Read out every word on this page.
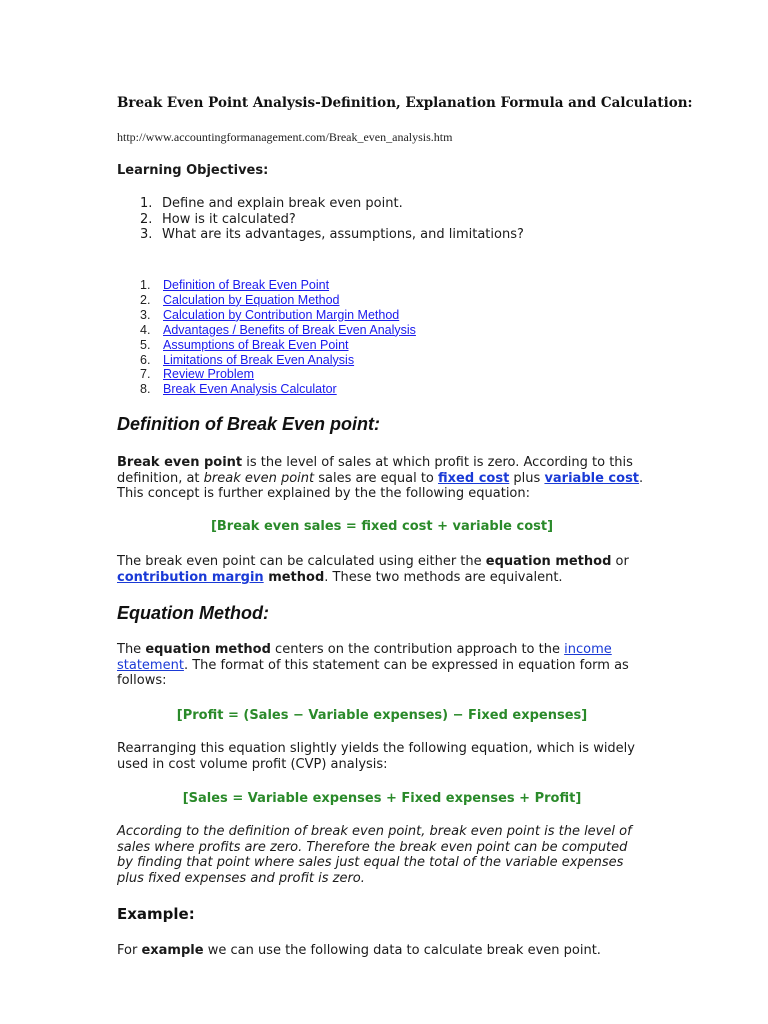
Break Even Point Analysis-Definition, Explanation Formula and Calculation:
http://www.accountingformanagement.com/Break_even_analysis.htm
Learning Objectives:
1. Define and explain break even point.
2. How is it calculated?
3. What are its advantages, assumptions, and limitations?
1. Definition of Break Even Point
2. Calculation by Equation Method
3. Calculation by Contribution Margin Method
4. Advantages / Benefits of Break Even Analysis
5. Assumptions of Break Even Point
6. Limitations of Break Even Analysis
7. Review Problem
8. Break Even Analysis Calculator
Definition of Break Even point:
Break even point is the level of sales at which profit is zero. According to this definition, at break even point sales are equal to fixed cost plus variable cost. This concept is further explained by the the following equation:
[Break even sales = fixed cost + variable cost]
The break even point can be calculated using either the equation method or contribution margin method. These two methods are equivalent.
Equation Method:
The equation method centers on the contribution approach to the income statement. The format of this statement can be expressed in equation form as follows:
[Profit = (Sales − Variable expenses) − Fixed expenses]
Rearranging this equation slightly yields the following equation, which is widely used in cost volume profit (CVP) analysis:
[Sales = Variable expenses + Fixed expenses + Profit]
According to the definition of break even point, break even point is the level of sales where profits are zero. Therefore the break even point can be computed by finding that point where sales just equal the total of the variable expenses plus fixed expenses and profit is zero.
Example:
For example we can use the following data to calculate break even point.
